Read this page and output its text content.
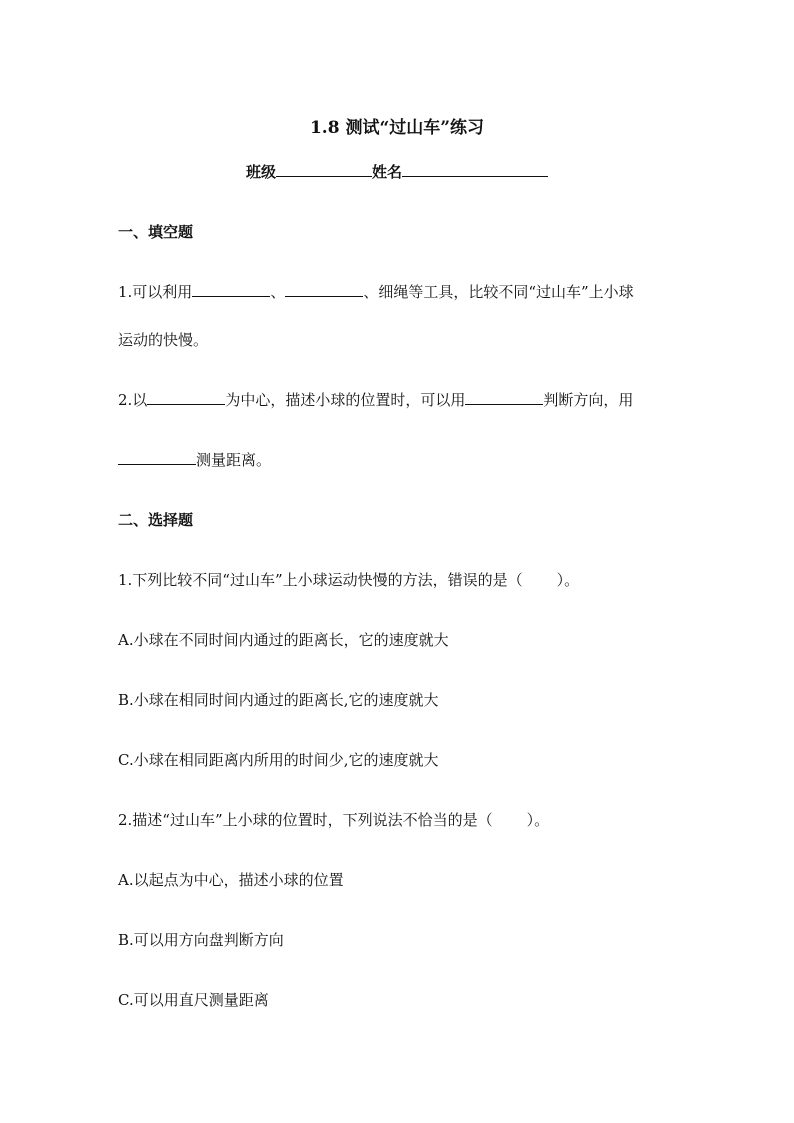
1.8 测试“过山车”练习
班级	姓名
一、填空题
1.可以利用	、	、细绳等工具，比较不同“过山车”上小球
运动的快慢。
2.以	为中心，描述小球的位置时，可以用	判断方向，用
测量距离。
二、选择题
1.下列比较不同“过山车”上小球运动快慢的方法，错误的是（ ）。
A.小球在不同时间内通过的距离长，它的速度就大
B.小球在相同时间内通过的距离长,它的速度就大
C.小球在相同距离内所用的时间少,它的速度就大
2.描述“过山车”上小球的位置时，下列说法不恰当的是（ ）。
A.以起点为中心，描述小球的位置
B.可以用方向盘判断方向
C.可以用直尺测量距离
